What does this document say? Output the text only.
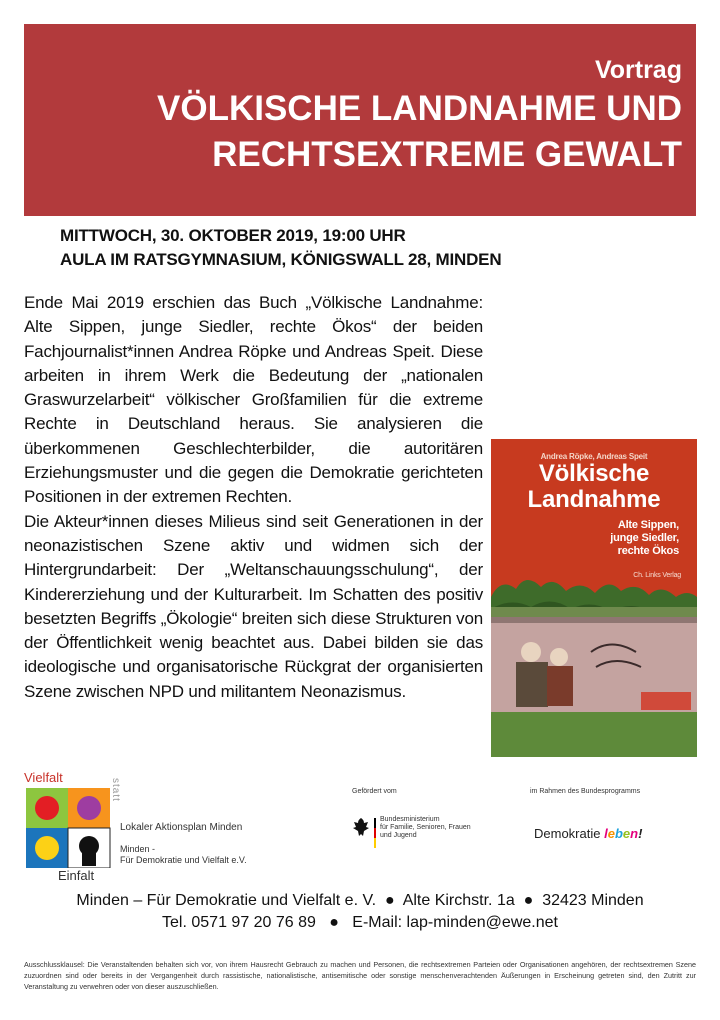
Vortrag
VÖLKISCHE LANDNAHME UND
RECHTSEXTREME GEWALT
MITTWOCH, 30. OKTOBER 2019, 19:00 UHR
AULA IM RATSGYMNASIUM, KÖNIGSWALL 28, MINDEN
Andrea Röpke, Andreas Speit
Völkische
Landnahme
Alte Sippen,
junge Siedler,
rechte Ökos
Ch. Links Verlag
Ende Mai 2019 erschien das Buch „Völkische Landnahme: Alte Sippen, junge Siedler, rechte Ökos“ der beiden Fachjournalist*innen Andrea Röpke und Andreas Speit. Diese arbeiten in ihrem Werk die Bedeutung der „nationalen Graswurzelarbeit“ völkischer Großfamilien für die extreme Rechte in Deutschland heraus. Sie analysieren die überkommenen Geschlechterbilder, die autoritären Erziehungsmuster und die gegen die Demokratie gerichteten Positionen in der extremen Rechten.
Die Akteur*innen dieses Milieus sind seit Generationen in der neonazistischen Szene aktiv und widmen sich der Hintergrundarbeit: Der „Weltanschauungsschulung“, der Kindererziehung und der Kulturarbeit. Im Schatten des positiv besetzten Begriffs „Ökologie“ breiten sich diese Strukturen von der Öffentlichkeit wenig beachtet aus. Dabei bilden sie das ideologische und organisatorische Rückgrat der organisierten Szene zwischen NPD und militantem Neonazismus.
Vielfalt
statt
Einfalt
Lokaler Aktionsplan Minden
Minden -
Für Demokratie und Vielfalt e.V.
Gefördert vom
Bundesministerium
für Familie, Senioren, Frauen
und Jugend
im Rahmen des Bundesprogramms
Demokratie leben!
Minden – Für Demokratie und Vielfalt e. V. ● Alte Kirchstr. 1a ● 32423 Minden
Tel. 0571 97 20 76 89 ● E-Mail: lap-minden@ewe.net
Ausschlussklausel: Die Veranstaltenden behalten sich vor, von ihrem Hausrecht Gebrauch zu machen und Personen, die rechtsextremen Parteien oder Organisationen angehören, der rechtsextremen Szene zuzuordnen sind oder bereits in der Vergangenheit durch rassistische, nationalistische, antisemitische oder sonstige menschenverachtenden Äußerungen in Erscheinung getreten sind, den Zutritt zur Veranstaltung zu verwehren oder von dieser auszuschließen.
